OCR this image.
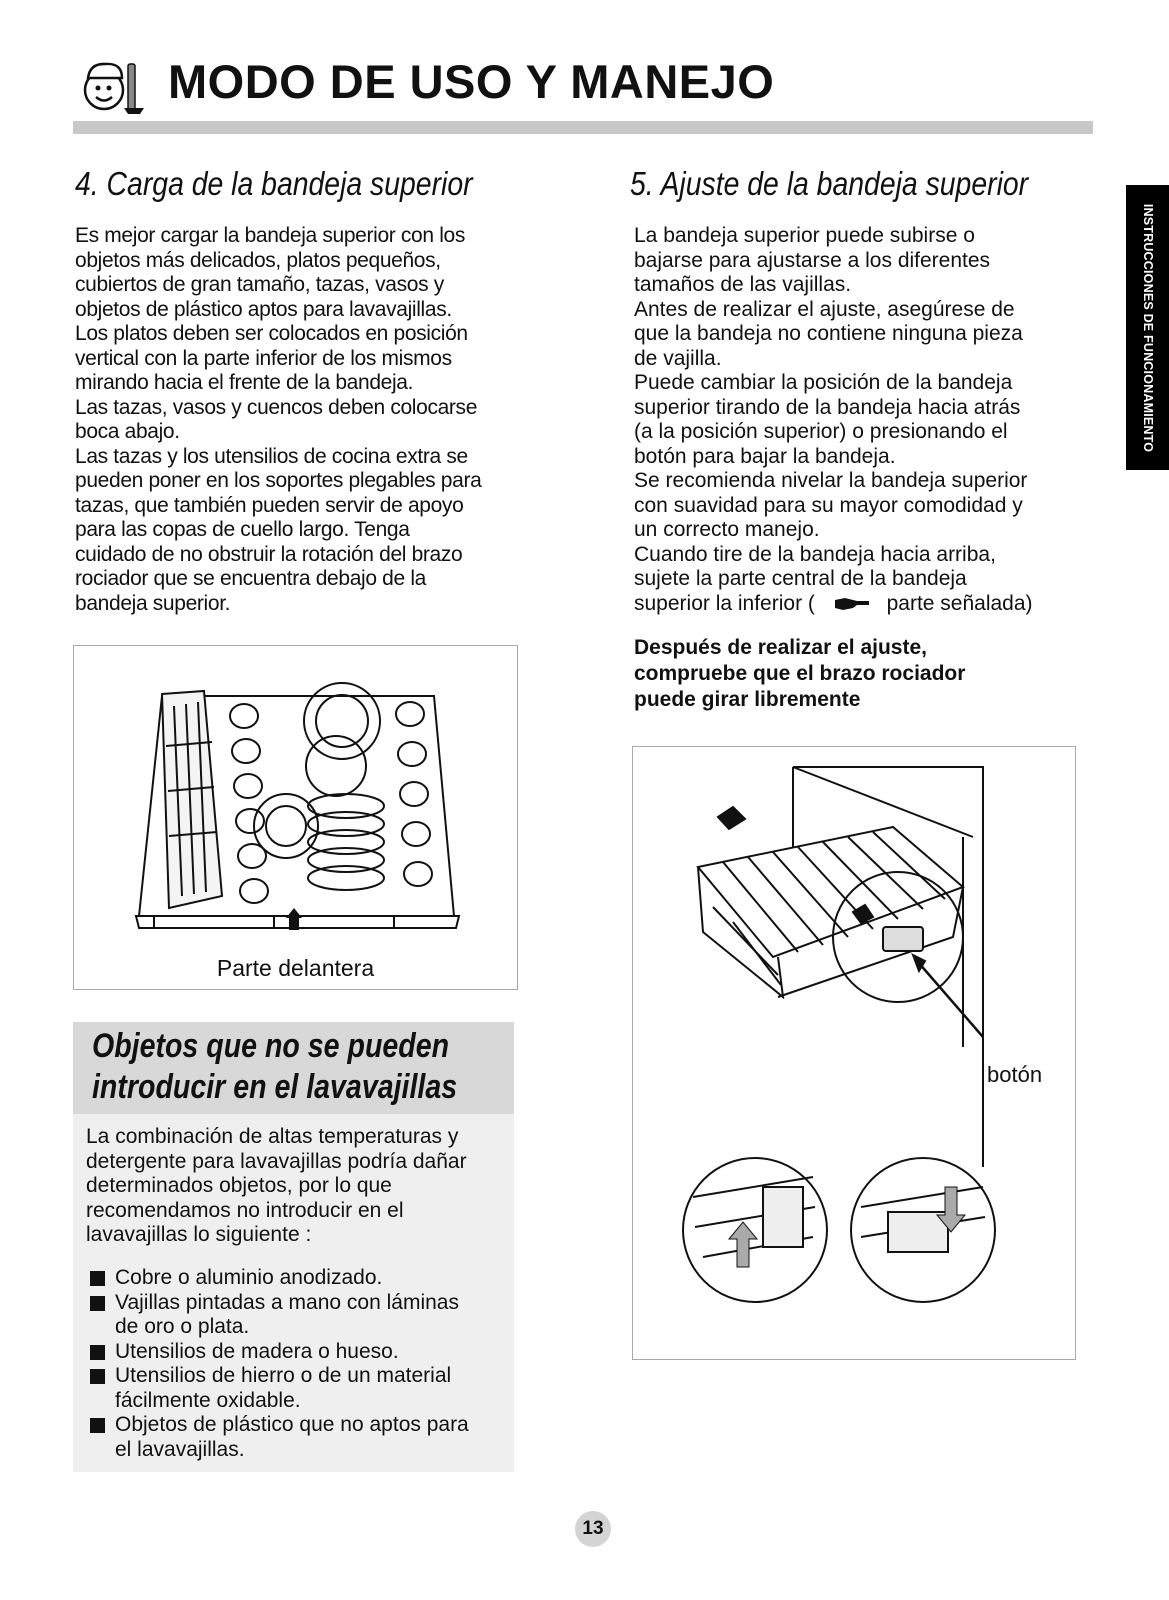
MODO DE USO Y MANEJO
INSTRUCCIONES DE FUNCIONAMIENTO
4. Carga de la bandeja superior

Es mejor cargar la bandeja superior con los

objetos más delicados, platos pequeños,

cubiertos de gran tamaño, tazas, vasos y

objetos de plástico aptos para lavavajillas.

Los platos deben ser colocados en posición

vertical con la parte inferior de los mismos

mirando hacia el frente de la bandeja.

Las tazas, vasos y cuencos deben colocarse

boca abajo.

Las tazas y los utensilios de cocina extra se

pueden poner en los soportes plegables para

tazas, que también pueden servir de apoyo

para las copas de cuello largo. Tenga

cuidado de no obstruir la rotación del brazo

rociador que se encuentra debajo de la

bandeja superior.

Parte delantera
Objetos que no se pueden
introducir en el lavavajillas

La combinación de altas temperaturas y

detergente para lavavajillas podría dañar

determinados objetos, por lo que

recomendamos no introducir en el

lavavajillas lo siguiente :

Cobre o aluminio anodizado.
Vajillas pintadas a mano con láminas
de oro o plata.
Utensilios de madera o hueso.
Utensilios de hierro o de un material
fácilmente oxidable.
Objetos de plástico que no aptos para
el lavavajillas.
5. Ajuste de la bandeja superior

La bandeja superior puede subirse o

bajarse para ajustarse a los diferentes

tamaños de las vajillas.

Antes de realizar el ajuste, asegúrese de

que la bandeja no contiene ninguna pieza

de vajilla.

Puede cambiar la posición de la bandeja

superior tirando de la bandeja hacia atrás

(a la posición superior) o presionando el

botón para bajar la bandeja.

Se recomienda nivelar la bandeja superior

con suavidad para su mayor comodidad y

un correcto manejo.

Cuando tire de la bandeja hacia arriba,

sujete la parte central de la bandeja

superior la inferior (	parte señalada)

Después de realizar el ajuste,
compruebe que el brazo rociador
puede girar libremente
botón
13
